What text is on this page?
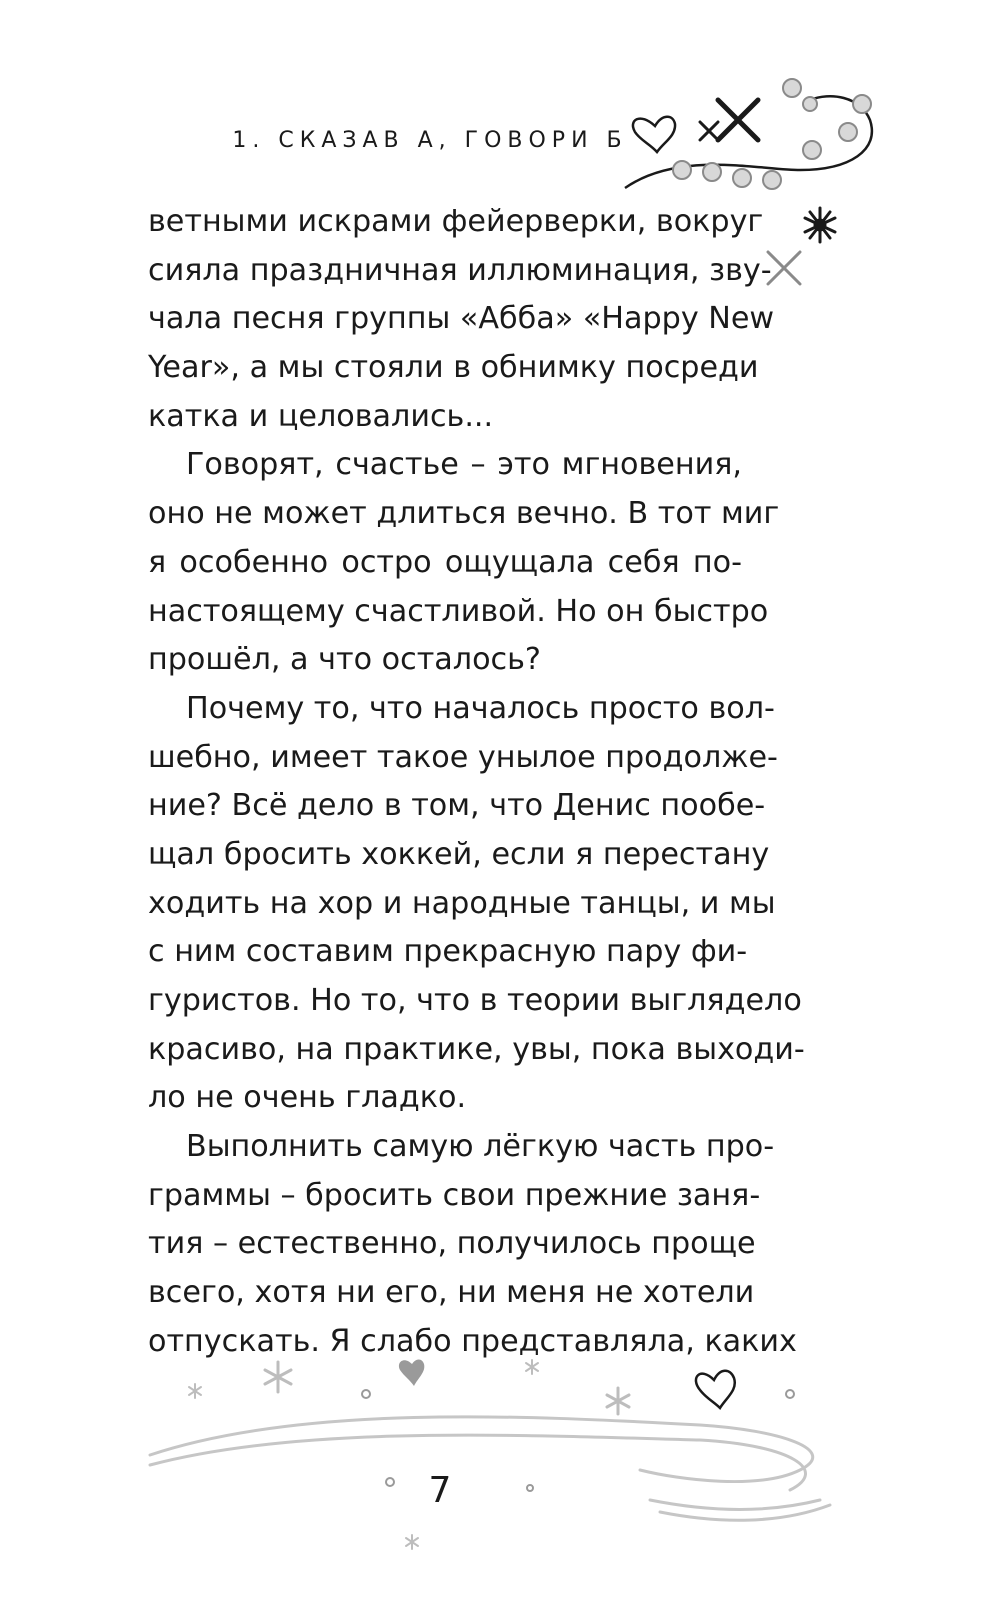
1. СКАЗАВ А, ГОВОРИ Б
ветными искрами фейерверки, вокруг
сияла праздничная иллюминация, зву-
чала песня группы «Абба» «Happy New
Year», а мы стояли в обнимку посреди
катка и целовались...
Говорят, счастье – это мгновения,
оно не может длиться вечно. В тот миг
я особенно остро ощущала себя по-
настоящему счастливой. Но он быстро
прошёл, а что осталось?
Почему то, что началось просто вол-
шебно, имеет такое унылое продолже-
ние? Всё дело в том, что Денис пообе-
щал бросить хоккей, если я перестану
ходить на хор и народные танцы, и мы
с ним составим прекрасную пару фи-
гуристов. Но то, что в теории выглядело
красиво, на практике, увы, пока выходи-
ло не очень гладко.
Выполнить самую лёгкую часть про-
граммы – бросить свои прежние заня-
тия – естественно, получилось проще
всего, хотя ни его, ни меня не хотели
отпускать. Я слабо представляла, каких
7
